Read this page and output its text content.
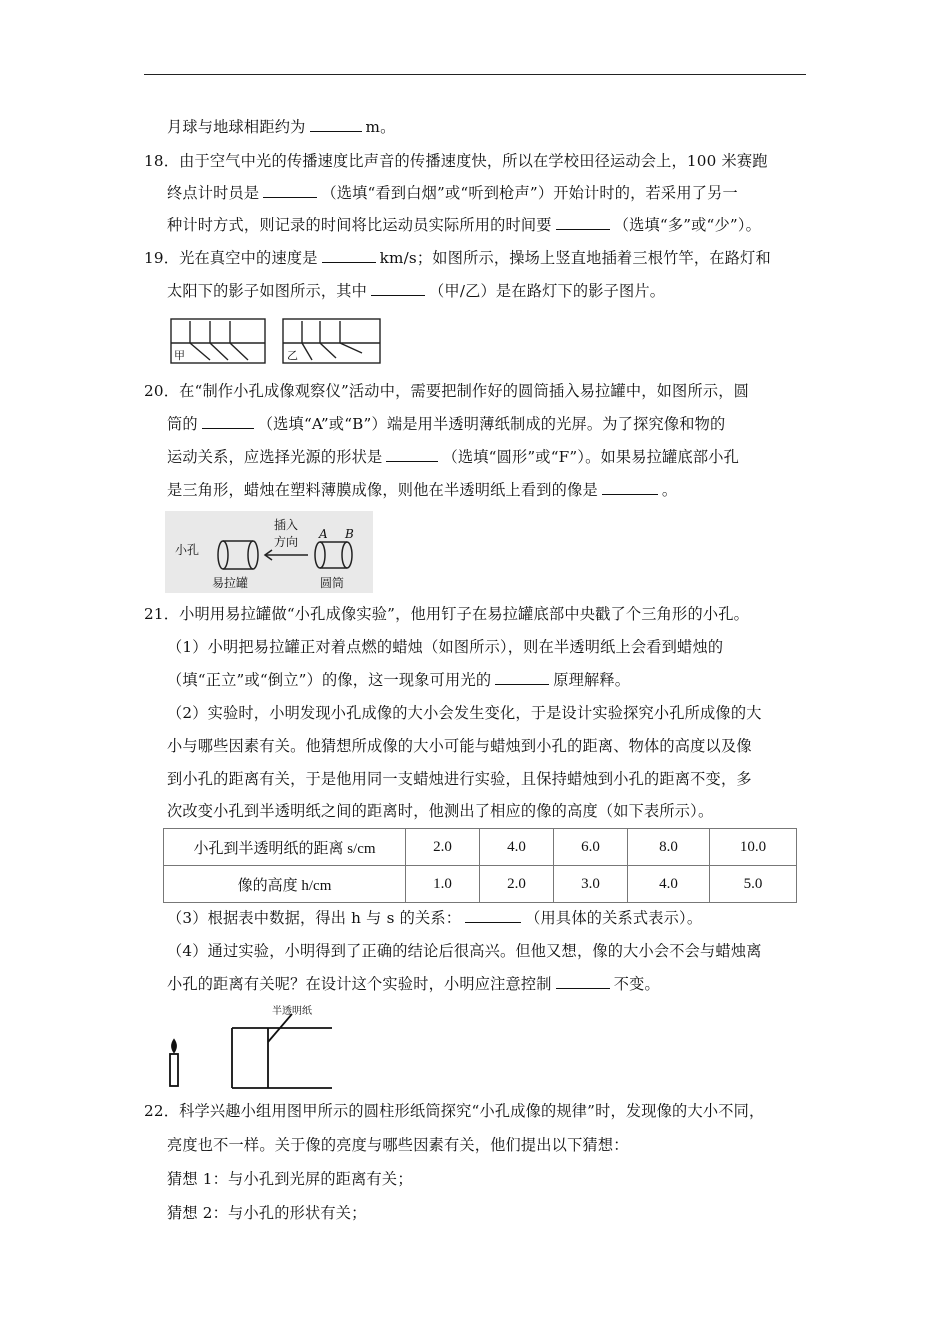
月球与地球相距约为	m。
18．由于空气中光的传播速度比声音的传播速度快，所以在学校田径运动会上，100 米赛跑
终点计时员是	（选填“看到白烟”或“听到枪声”）开始计时的，若采用了另一
种计时方式，则记录的时间将比运动员实际所用的时间要	（选填“多”或“少”）。
19．光在真空中的速度是	km/s；如图所示，操场上竖直地插着三根竹竿，在路灯和
太阳下的影子如图所示，其中	（甲/乙）是在路灯下的影子图片。
甲	乙
20．在“制作小孔成像观察仪”活动中，需要把制作好的圆筒插入易拉罐中，如图所示，圆
筒的	（选填“A”或“B”）端是用半透明薄纸制成的光屏。为了探究像和物的
运动关系，应选择光源的形状是	（选填“圆形”或“F”）。如果易拉罐底部小孔
是三角形，蜡烛在塑料薄膜成像，则他在半透明纸上看到的像是	。
小孔
易拉罐
插入
方向
A B
圆筒
21．小明用易拉罐做“小孔成像实验”，他用钉子在易拉罐底部中央戳了个三角形的小孔。
（1）小明把易拉罐正对着点燃的蜡烛（如图所示），则在半透明纸上会看到蜡烛的
（填“正立”或“倒立”）的像，这一现象可用光的	原理解释。
（2）实验时，小明发现小孔成像的大小会发生变化，于是设计实验探究小孔所成像的大
小与哪些因素有关。他猜想所成像的大小可能与蜡烛到小孔的距离、物体的高度以及像
到小孔的距离有关，于是他用同一支蜡烛进行实验，且保持蜡烛到小孔的距离不变，多
次改变小孔到半透明纸之间的距离时，他测出了相应的像的高度（如下表所示）。
小孔到半透明纸的距离 s/cm	2.0	4.0	6.0	8.0	10.0
像的高度 h/cm	1.0	2.0	3.0	4.0	5.0
（3）根据表中数据，得出 h 与 s 的关系：	（用具体的关系式表示）。
（4）通过实验，小明得到了正确的结论后很高兴。但他又想，像的大小会不会与蜡烛离
小孔的距离有关呢？在设计这个实验时，小明应注意控制	不变。
半透明纸
22．科学兴趣小组用图甲所示的圆柱形纸筒探究“小孔成像的规律”时，发现像的大小不同，
亮度也不一样。关于像的亮度与哪些因素有关，他们提出以下猜想：
猜想 1：与小孔到光屏的距离有关；
猜想 2：与小孔的形状有关；
